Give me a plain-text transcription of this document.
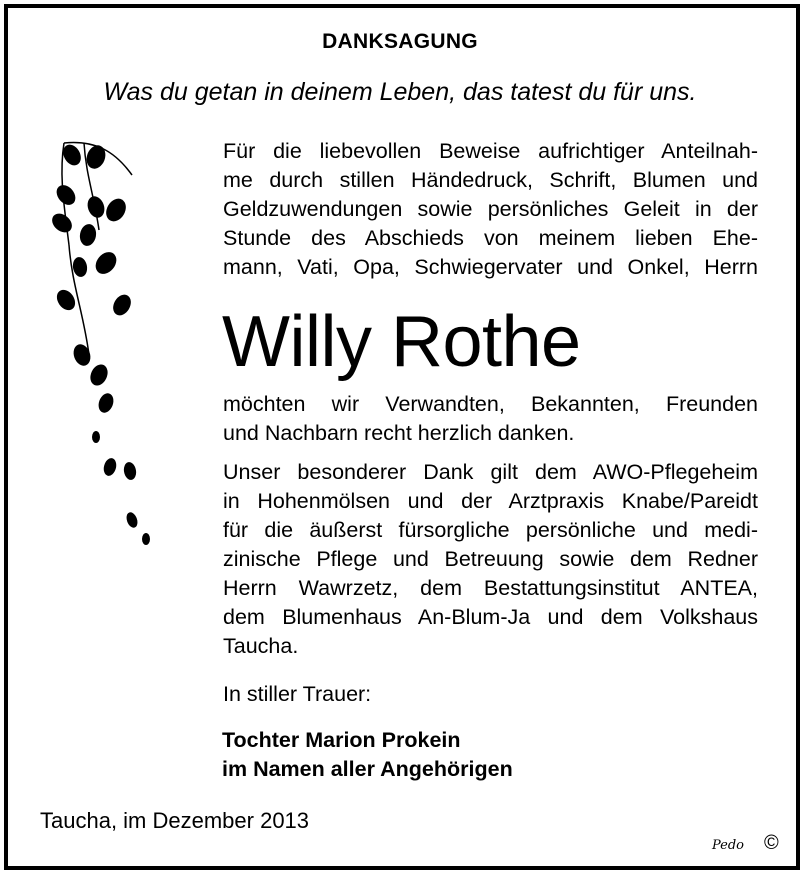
DANKSAGUNG
Was du getan in deinem Leben, das tatest du für uns.
Für die liebevollen Beweise aufrichtiger Anteilnah-
me durch stillen Händedruck, Schrift, Blumen und
Geldzuwendungen sowie persönliches Geleit in der
Stunde des Abschieds von meinem lieben Ehe-
mann, Vati, Opa, Schwiegervater und Onkel, Herrn
Willy Rothe
möchten wir Verwandten, Bekannten, Freunden
und Nachbarn recht herzlich danken.
Unser besonderer Dank gilt dem AWO-Pflegeheim
in Hohenmölsen und der Arztpraxis Knabe/Pareidt
für die äußerst fürsorgliche persönliche und medi-
zinische Pflege und Betreuung sowie dem Redner
Herrn Wawrzetz, dem Bestattungsinstitut ANTEA,
dem Blumenhaus An-Blum-Ja und dem Volkshaus
Taucha.
In stiller Trauer:
Tochter Marion Prokein
im Namen aller Angehörigen
Taucha, im Dezember 2013
Pedo ©
